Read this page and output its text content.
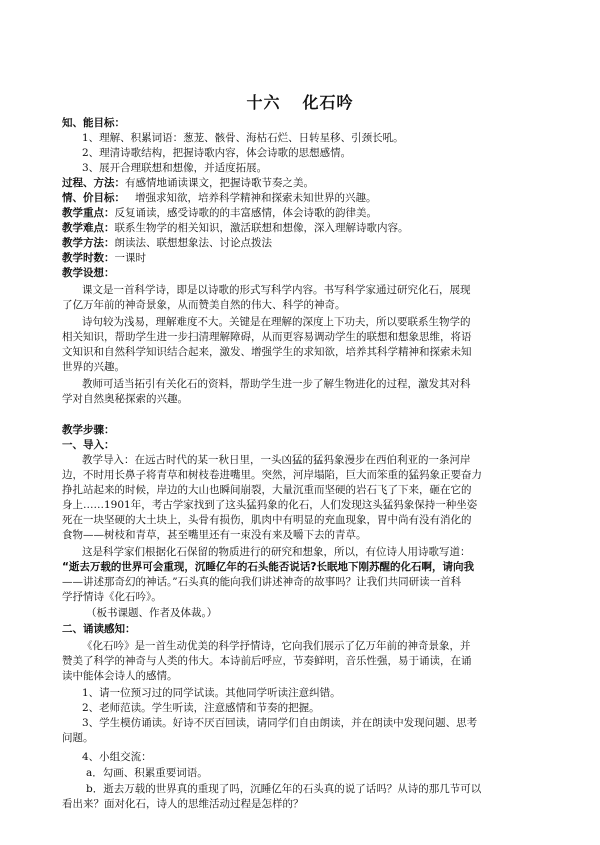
十六 化石吟
知、能目标：
1、理解、积累词语：葱茏、骸骨、海枯石烂、日转星移、引颈长吼。
2、理清诗歌结构，把握诗歌内容，体会诗歌的思想感情。
3、展开合理联想和想像，并适度拓展。
过程、方法：有感情地诵读课文，把握诗歌节奏之美。
情、价目标： 增强求知欲，培养科学精神和探索未知世界的兴趣。
教学重点：反复诵读，感受诗歌的的丰富感情，体会诗歌的韵律美。
教学难点：联系生物学的相关知识，激活联想和想像，深入理解诗歌内容。
教学方法：朗读法、联想想象法、讨论点拨法
教学时数：一课时
教学设想：
课文是一首科学诗，即是以诗歌的形式写科学内容。书写科学家通过研究化石，展现
了亿万年前的神奇景象，从而赞美自然的伟大、科学的神奇。
诗句较为浅易，理解难度不大。关键是在理解的深度上下功夫，所以要联系生物学的
相关知识，帮助学生进一步扫清理解障碍，从而更容易调动学生的联想和想象思维，将语
文知识和自然科学知识结合起来，激发、增强学生的求知欲，培养其科学精神和探索未知
世界的兴趣。
教师可适当拓引有关化石的资料，帮助学生进一步了解生物进化的过程，激发其对科
学对自然奥秘探索的兴趣。
教学步骤：
一、导入：
教学导入：在远古时代的某一秋日里，一头凶猛的猛犸象漫步在西伯利亚的一条河岸
边，不时用长鼻子将青草和树枝卷进嘴里。突然，河岸塌陷，巨大而笨重的猛犸象正要奋力
挣扎站起来的时候，岸边的大山也瞬间崩裂，大量沉重而坚硬的岩石飞了下来，砸在它的
身上……1901年，考古学家找到了这头猛犸象的化石，人们发现这头猛犸象保持一种坐姿
死在一块坚硬的大土块上，头骨有损伤，肌肉中有明显的充血现象，胃中尚有没有消化的
食物——树枝和青草，甚至嘴里还有一束没有来及嚼下去的青草。
这是科学家们根据化石保留的物质进行的研究和想象，所以，有位诗人用诗歌写道：
“逝去万载的世界可会重现，沉睡亿年的石头能否说话?长眠地下刚苏醒的化石啊，请向我
——讲述那奇幻的神话。”石头真的能向我们讲述神奇的故事吗？让我们共同研读一首科
学抒情诗《化石吟》。
（板书课题、作者及体裁。）
二、诵读感知：
《化石吟》是一首生动优美的科学抒情诗，它向我们展示了亿万年前的神奇景象，并
赞美了科学的神奇与人类的伟大。本诗前后呼应，节奏鲜明，音乐性强，易于诵读，在诵
读中能体会诗人的感情。
1、请一位预习过的同学试读。其他同学听读注意纠错。
2、老师范读。学生听读，注意感情和节奏的把握。
3、学生模仿诵读。好诗不厌百回读，请同学们自由朗读，并在朗读中发现问题、思考
问题。
4、小组交流：
a．勾画、积累重要词语。
b．逝去万载的世界真的重现了吗，沉睡亿年的石头真的说了话吗？从诗的那几节可以
看出来？面对化石，诗人的思维活动过程是怎样的？
